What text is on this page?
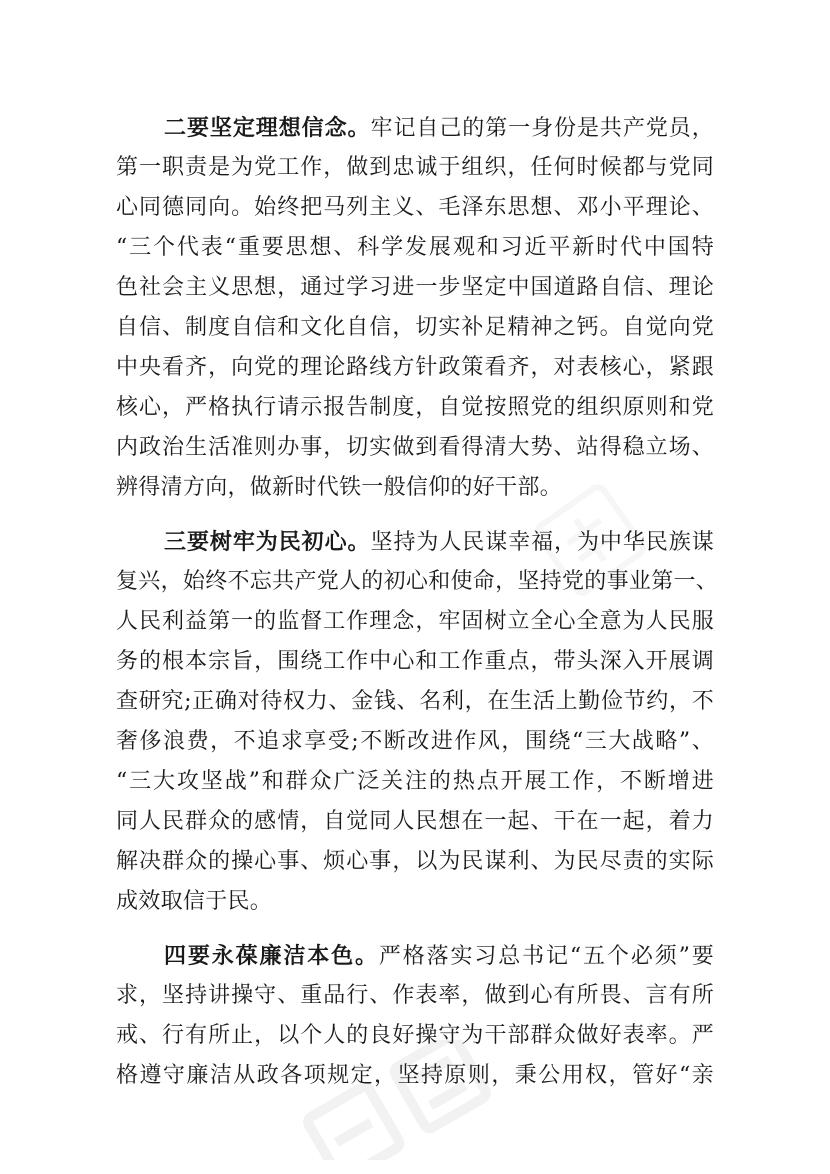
二要坚定理想信念。牢记自己的第一身份是共产党员，
第一职责是为党工作，做到忠诚于组织，任何时候都与党同
心同德同向。始终把马列主义、毛泽东思想、邓小平理论、
“三个代表“重要思想、科学发展观和习近平新时代中国特
色社会主义思想，通过学习进一步坚定中国道路自信、理论
自信、制度自信和文化自信，切实补足精神之钙。自觉向党
中央看齐，向党的理论路线方针政策看齐，对表核心，紧跟
核心，严格执行请示报告制度，自觉按照党的组织原则和党
内政治生活准则办事，切实做到看得清大势、站得稳立场、
辨得清方向，做新时代铁一般信仰的好干部。
三要树牢为民初心。坚持为人民谋幸福，为中华民族谋
复兴，始终不忘共产党人的初心和使命，坚持党的事业第一、
人民利益第一的监督工作理念，牢固树立全心全意为人民服
务的根本宗旨，围绕工作中心和工作重点，带头深入开展调
查研究;正确对待权力、金钱、名利，在生活上勤俭节约，不
奢侈浪费，不追求享受;不断改进作风，围绕“三大战略”、
“三大攻坚战”和群众广泛关注的热点开展工作，不断增进
同人民群众的感情，自觉同人民想在一起、干在一起，着力
解决群众的操心事、烦心事，以为民谋利、为民尽责的实际
成效取信于民。
四要永葆廉洁本色。严格落实习总书记“五个必须”要
求，坚持讲操守、重品行、作表率，做到心有所畏、言有所
戒、行有所止，以个人的良好操守为干部群众做好表率。严
格遵守廉洁从政各项规定，坚持原则，秉公用权，管好“亲
